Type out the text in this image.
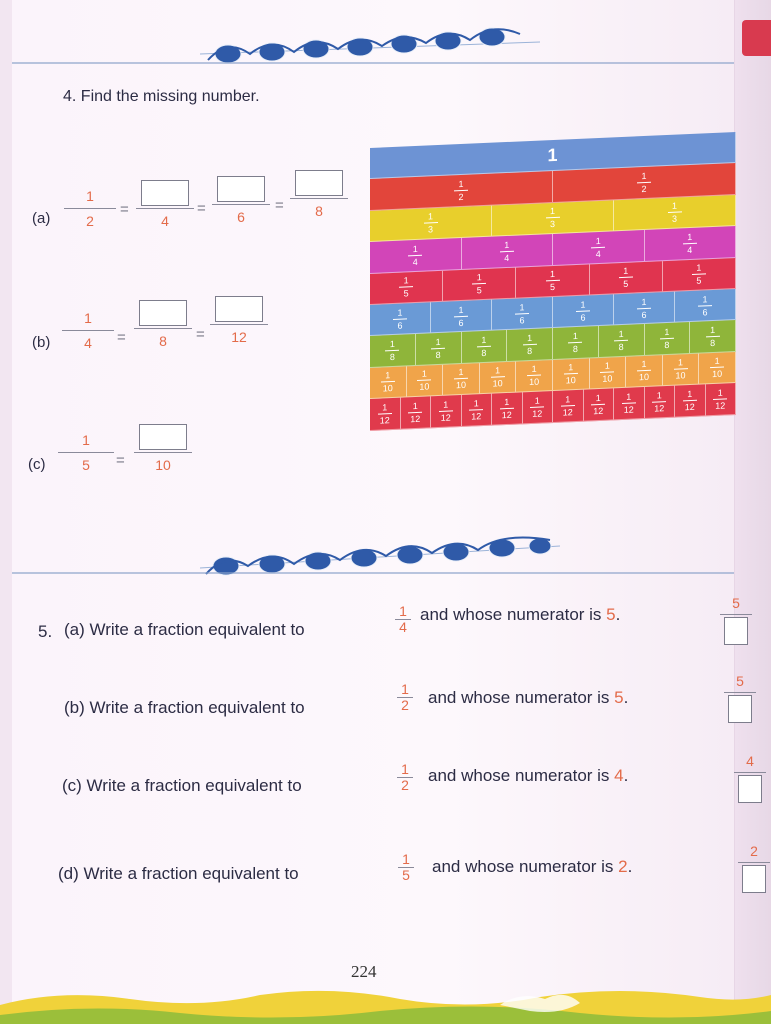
4. Find the missing number.
(a)
1
2
=
4
= 6
= 8
(b)
1
4 = 8 = 12
(c)
1
5 = 10
1
1
2
1
2
1
3
1
3
1
3
1
4
1
4
1
4
1
4
1
5
1
5
1
5
1
5
1
5
1
6
1
6
1
6
1
6
1
6
1
6
1
8
1
8
1
8
1
8
1
8
1
8
1
8
1
8
1
10
1
10
1
10
1
10
1
10
1
10
1
10
1
10
1
10
1
10
1
12
1
12
1
12
1
12
1
12
1
12
1
12
1
12
1
12
1
12
1
12
1
12
5. (a) Write a fraction equivalent to
1
4
and whose numerator is 5.
5
(b) Write a fraction equivalent to
1
2 and whose numerator is 5.
5
(c) Write a fraction equivalent to
1
2 and whose numerator is 4.
4
(d) Write a fraction equivalent to
1
5 and whose numerator is 2.
2
224
